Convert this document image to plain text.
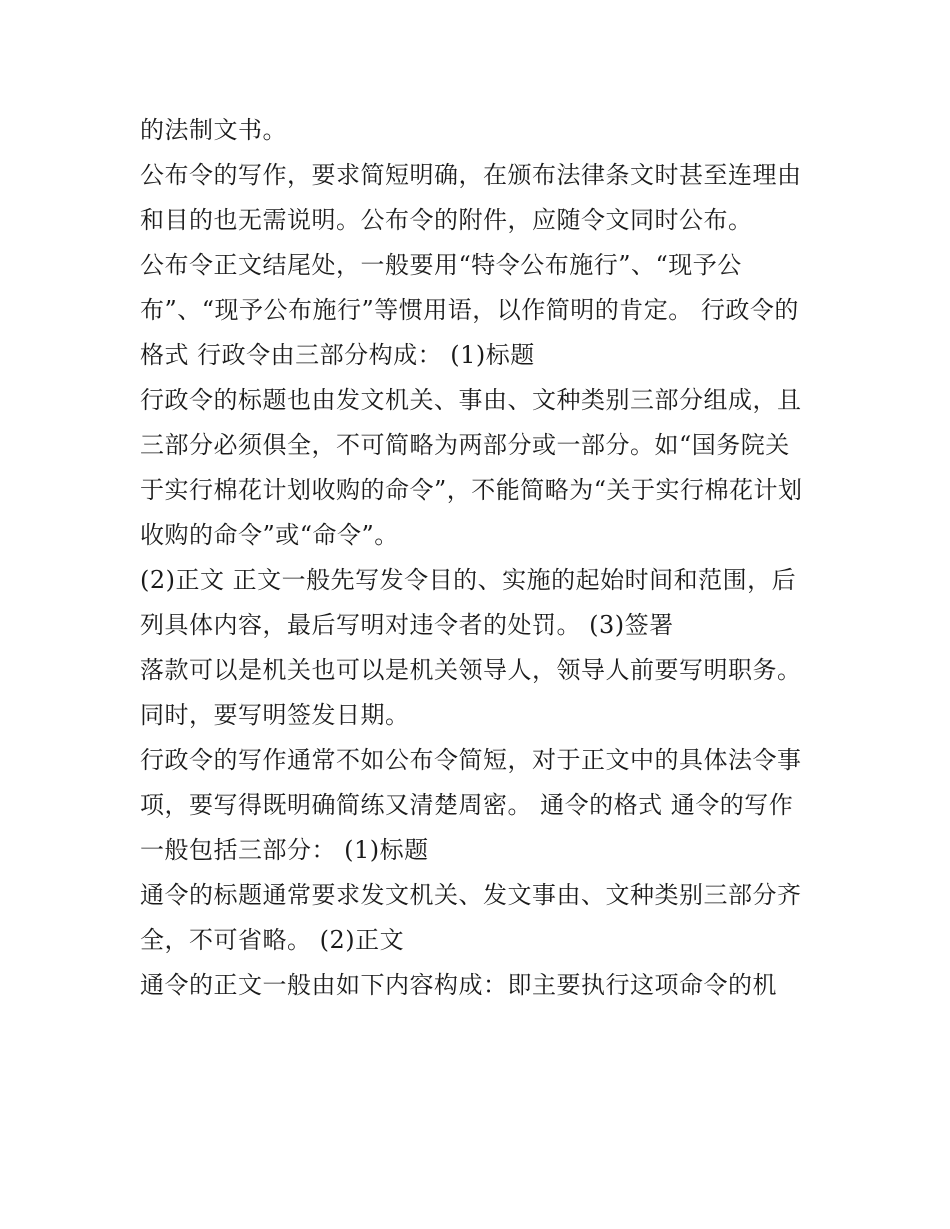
的法制文书。
公布令的写作，要求简短明确，在颁布法律条文时甚至连理由
和目的也无需说明。公布令的附件，应随令文同时公布。
公布令正文结尾处，一般要用“特令公布施行”、“现予公
布”、“现予公布施行”等惯用语，以作简明的肯定。 行政令的
格式 行政令由三部分构成： (1)标题
行政令的标题也由发文机关、事由、文种类别三部分组成，且
三部分必须俱全，不可简略为两部分或一部分。如“国务院关
于实行棉花计划收购的命令”，不能简略为“关于实行棉花计划
收购的命令”或“命令”。
(2)正文 正文一般先写发令目的、实施的起始时间和范围，后
列具体内容，最后写明对违令者的处罚。 (3)签署
落款可以是机关也可以是机关领导人，领导人前要写明职务。
同时，要写明签发日期。
行政令的写作通常不如公布令简短，对于正文中的具体法令事
项，要写得既明确简练又清楚周密。 通令的格式 通令的写作
一般包括三部分： (1)标题
通令的标题通常要求发文机关、发文事由、文种类别三部分齐
全，不可省略。 (2)正文
通令的正文一般由如下内容构成：即主要执行这项命令的机
